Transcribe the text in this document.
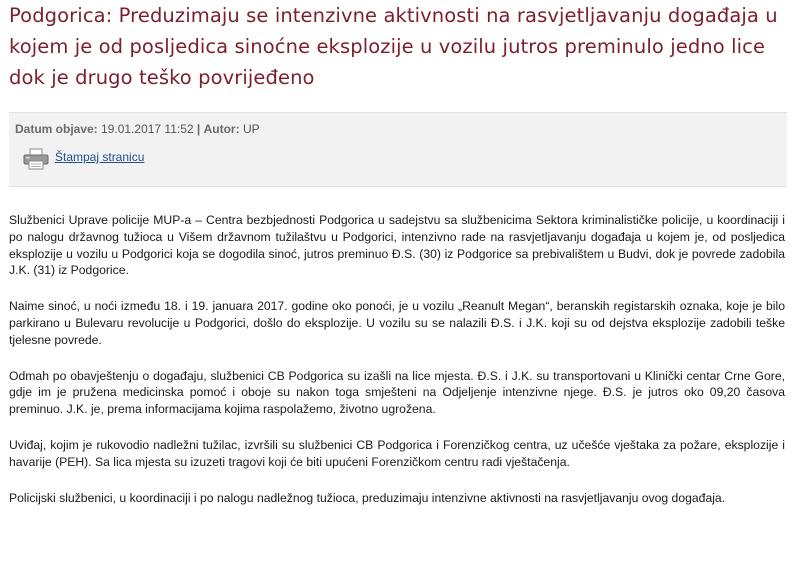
Podgorica: Preduzimaju se intenzivne aktivnosti na rasvjetljavanju događaja u kojem je od posljedica sinoćne eksplozije u vozilu jutros preminulo jedno lice dok je drugo teško povrijeđeno
Datum objave: 19.01.2017 11:52 | Autor: UP
Štampaj stranicu

Službenici Uprave policije MUP-a – Centra bezbjednosti Podgorica u sadejstvu sa službenicima Sektora kriminalističke policije, u koordinaciji i po nalogu državnog tužioca u Višem državnom tužilaštvu u Podgorici, intenzivno rade na rasvjetljavanju događaja u kojem je, od posljedica eksplozije u vozilu u Podgorici koja se dogodila sinoć, jutros preminuo Đ.S. (30) iz Podgorice sa prebivalištem u Budvi, dok je povrede zadobila J.K. (31) iz Podgorice.

Naime sinoć, u noći između 18. i 19. januara 2017. godine oko ponoći, je u vozilu „Reanult Megan“, beranskih registarskih oznaka, koje je bilo parkirano u Bulevaru revolucije u Podgorici, došlo do eksplozije. U vozilu su se nalazili Đ.S. i J.K. koji su od dejstva eksplozije zadobili teške tjelesne povrede.

Odmah po obavještenju o događaju, službenici CB Podgorica su izašli na lice mjesta. Đ.S. i J.K. su transportovani u Klinički centar Crne Gore, gdje im je pružena medicinska pomoć i oboje su nakon toga smješteni na Odjeljenje intenzivne njege. Đ.S. je jutros oko 09,20 časova preminuo. J.K. je, prema informacijama kojima raspolažemo, životno ugrožena.

Uviđaj, kojim je rukovodio nadležni tužilac, izvršili su službenici CB Podgorica i Forenzičkog centra, uz učešće vještaka za požare, eksplozije i havarije (PEH). Sa lica mjesta su izuzeti tragovi koji će biti upućeni Forenzičkom centru radi vještačenja.

Policijski službenici, u koordinaciji i po nalogu nadležnog tužioca, preduzimaju intenzivne aktivnosti na rasvjetljavanju ovog događaja.
